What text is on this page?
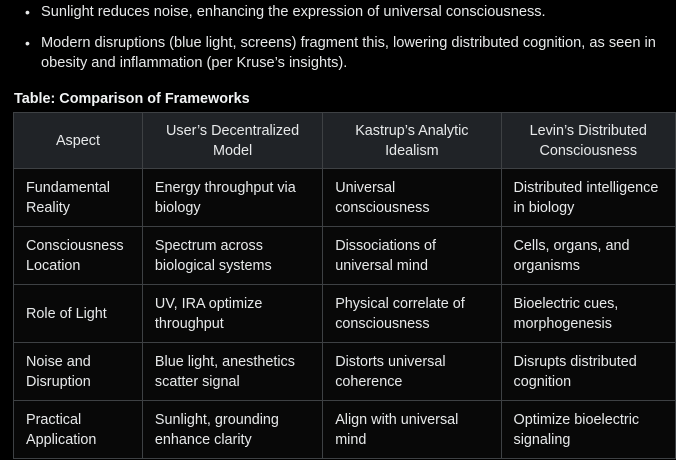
• Sunlight reduces noise, enhancing the expression of universal consciousness.
• Modern disruptions (blue light, screens) fragment this, lowering distributed cognition, as seen in obesity and inflammation (per Kruse’s insights).
Table: Comparison of Frameworks
Aspect	User’s Decentralized Model	Kastrup’s Analytic Idealism	Levin’s Distributed Consciousness
Fundamental Reality	Energy throughput via biology	Universal consciousness	Distributed intelligence in biology
Consciousness Location	Spectrum across biological systems	Dissociations of universal mind	Cells, organs, and organisms
Role of Light	UV, IRA optimize throughput	Physical correlate of consciousness	Bioelectric cues, morphogenesis
Noise and Disruption	Blue light, anesthetics scatter signal	Distorts universal coherence	Disrupts distributed cognition
Practical Application	Sunlight, grounding enhance clarity	Align with universal mind	Optimize bioelectric signaling
